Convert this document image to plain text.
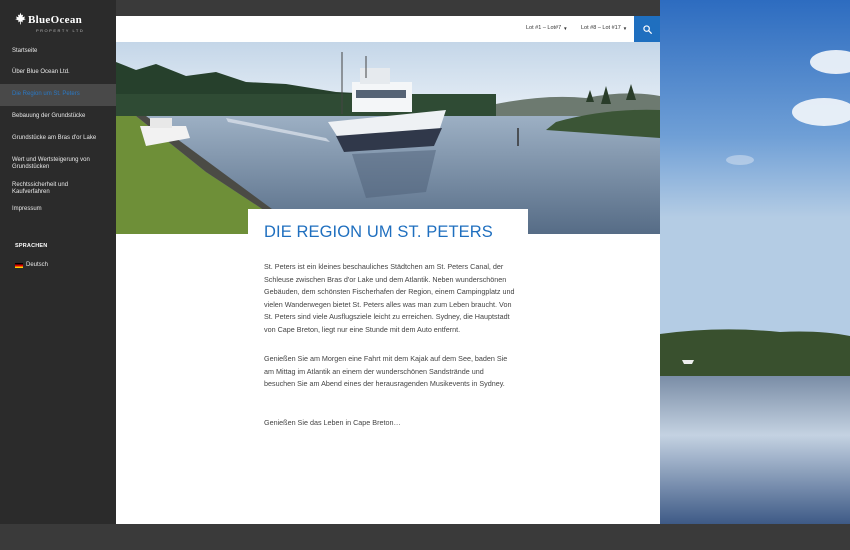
BlueOcean
PROPERTY LTD
Startseite
Über Blue Ocean Ltd.
Die Region um St. Peters
Bebauung der Grundstücke
Grundstücke am Bras d'or Lake
Wert und Wertsteigerung von Grundstücken
Rechtssicherheit und Kaufverfahren
Impressum
SPRACHEN
Deutsch
Lot #1 – Lot#7 ▼ Lot #8 – Lot #17 ▼
DIE REGION UM ST. PETERS

St. Peters ist ein kleines beschauliches Städtchen am St. Peters Canal, der Schleuse zwischen Bras d'or Lake und dem Atlantik. Neben wunderschönen Gebäuden, dem schönsten Fischerhafen der Region, einem Campingplatz und vielen Wanderwegen bietet St. Peters alles was man zum Leben braucht. Von St. Peters sind viele Ausflugsziele leicht zu erreichen. Sydney, die Hauptstadt von Cape Breton, liegt nur eine Stunde mit dem Auto entfernt.

Genießen Sie am Morgen eine Fahrt mit dem Kajak auf dem See, baden Sie am Mittag im Atlantik an einem der wunderschönen Sandstrände und besuchen Sie am Abend eines der herausragenden Musikevents in Sydney.

Genießen Sie das Leben in Cape Breton…
